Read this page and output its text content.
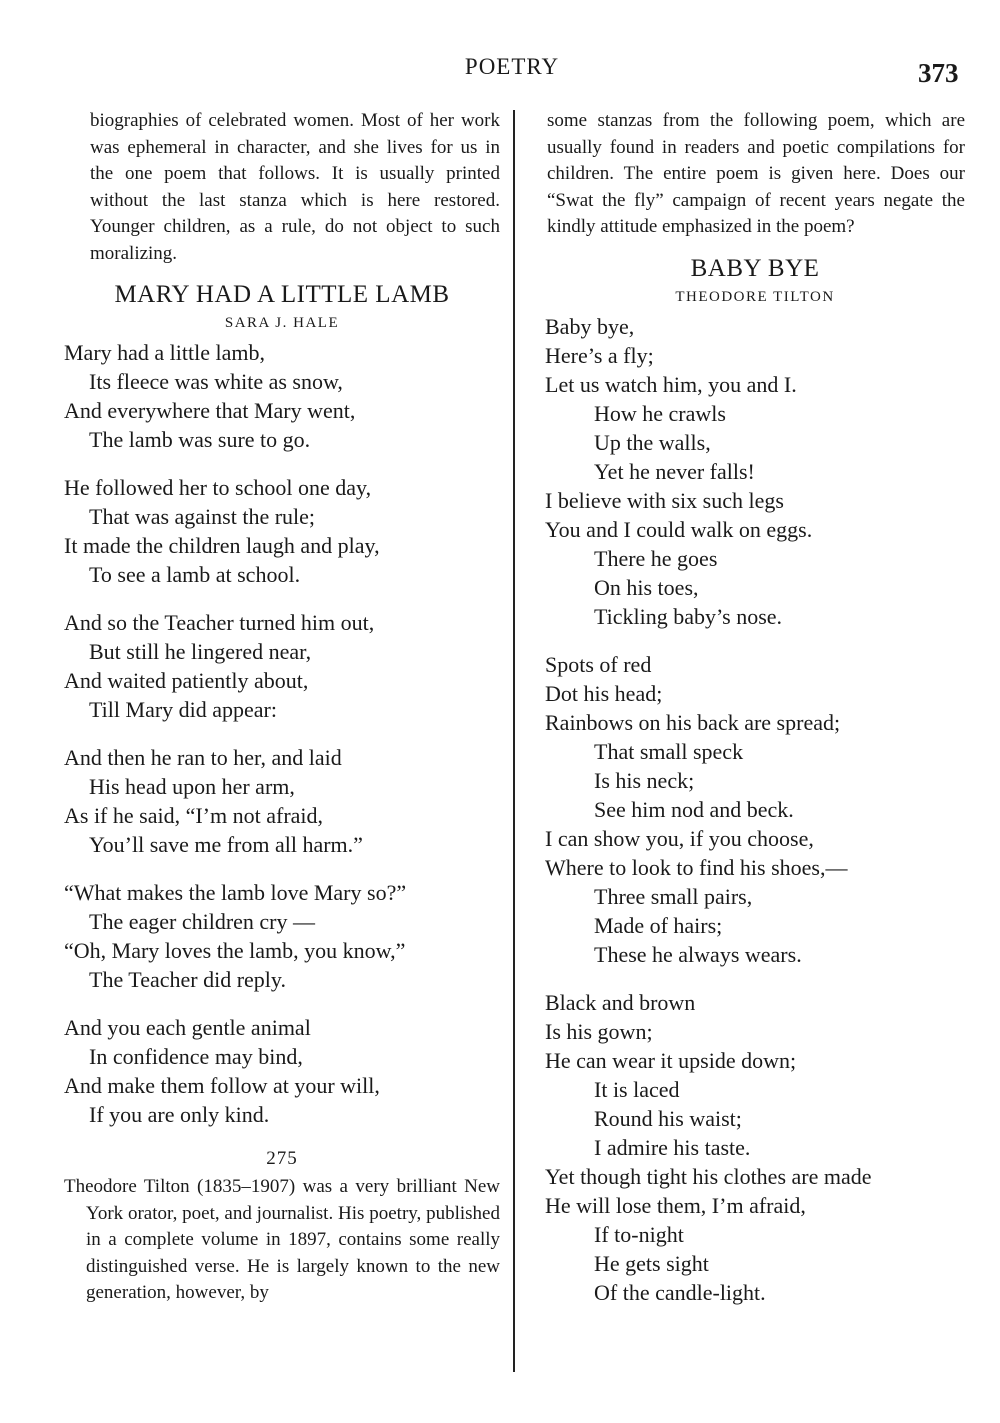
POETRY	373

biographies of celebrated women. Most of her work was ephemeral in character, and she lives for us in the one poem that follows. It is usually printed without the last stanza which is here restored. Younger children, as a rule, do not object to such moralizing.

MARY HAD A LITTLE LAMB

SARA J. HALE

Mary had a little lamb,
Its fleece was white as snow,
And everywhere that Mary went,
The lamb was sure to go.
He followed her to school one day,
That was against the rule;
It made the children laugh and play,
To see a lamb at school.
And so the Teacher turned him out,
But still he lingered near,
And waited patiently about,
Till Mary did appear:
And then he ran to her, and laid
His head upon her arm,
As if he said, “I’m not afraid,
You’ll save me from all harm.”
“What makes the lamb love Mary so?”
The eager children cry —
“Oh, Mary loves the lamb, you know,”
The Teacher did reply.
And you each gentle animal
In confidence may bind,
And make them follow at your will,
If you are only kind.

275

Theodore Tilton (1835–1907) was a very brilliant New York orator, poet, and journalist. His poetry, published in a complete volume in 1897, contains some really distinguished verse. He is largely known to the new generation, however, by

some stanzas from the following poem, which are usually found in readers and poetic compilations for children. The entire poem is given here. Does our “Swat the fly” campaign of recent years negate the kindly attitude emphasized in the poem?

BABY BYE

THEODORE TILTON

Baby bye,
Here’s a fly;
Let us watch him, you and I.
How he crawls
Up the walls,
Yet he never falls!
I believe with six such legs
You and I could walk on eggs.
There he goes
On his toes,
Tickling baby’s nose.
Spots of red
Dot his head;
Rainbows on his back are spread;
That small speck
Is his neck;
See him nod and beck.
I can show you, if you choose,
Where to look to find his shoes,—
Three small pairs,
Made of hairs;
These he always wears.
Black and brown
Is his gown;
He can wear it upside down;
It is laced
Round his waist;
I admire his taste.
Yet though tight his clothes are made
He will lose them, I’m afraid,
If to-night
He gets sight
Of the candle-light.
